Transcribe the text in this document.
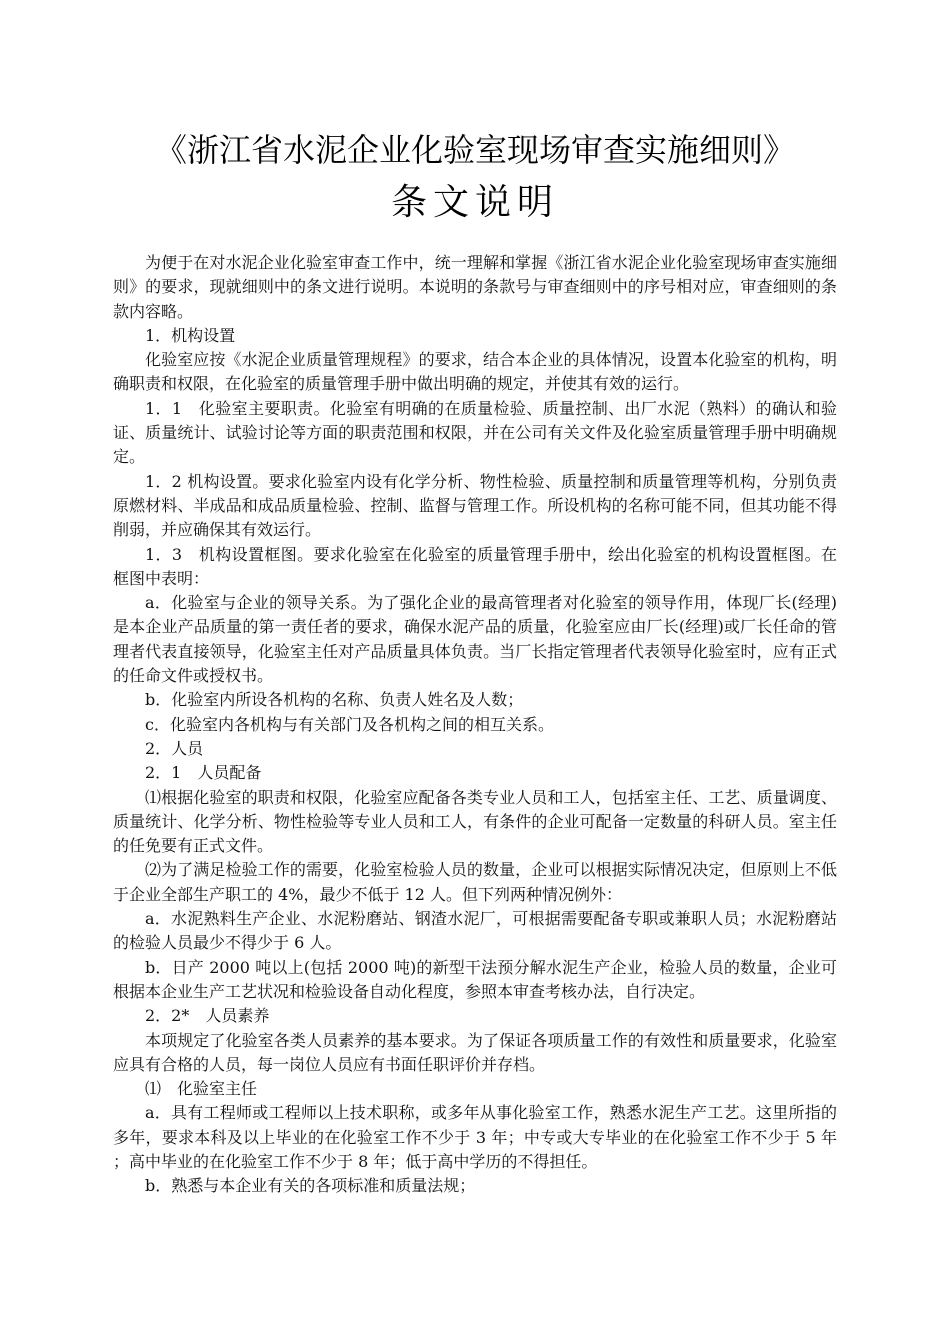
《浙江省水泥企业化验室现场审查实施细则》
条文说明

为便于在对水泥企业化验室审查工作中，统一理解和掌握《浙江省水泥企业化验室现场审查实施细则》的要求，现就细则中的条文进行说明。本说明的条款号与审查细则中的序号相对应，审查细则的条款内容略。

1．机构设置

化验室应按《水泥企业质量管理规程》的要求，结合本企业的具体情况，设置本化验室的机构，明确职责和权限，在化验室的质量管理手册中做出明确的规定，并使其有效的运行。

1．1　化验室主要职责。化验室有明确的在质量检验、质量控制、出厂水泥（熟料）的确认和验证、质量统计、试验讨论等方面的职责范围和权限，并在公司有关文件及化验室质量管理手册中明确规定。

1．2 机构设置。要求化验室内设有化学分析、物性检验、质量控制和质量管理等机构，分别负责原燃材料、半成品和成品质量检验、控制、监督与管理工作。所设机构的名称可能不同，但其功能不得削弱，并应确保其有效运行。

1．3　机构设置框图。要求化验室在化验室的质量管理手册中，绘出化验室的机构设置框图。在框图中表明：

a．化验室与企业的领导关系。为了强化企业的最高管理者对化验室的领导作用，体现厂长(经理)是本企业产品质量的第一责任者的要求，确保水泥产品的质量，化验室应由厂长(经理)或厂长任命的管理者代表直接领导，化验室主任对产品质量具体负责。当厂长指定管理者代表领导化验室时，应有正式的任命文件或授权书。

b．化验室内所设各机构的名称、负责人姓名及人数；

c．化验室内各机构与有关部门及各机构之间的相互关系。

2．人员

2．1　人员配备

⑴根据化验室的职责和权限，化验室应配备各类专业人员和工人，包括室主任、工艺、质量调度、质量统计、化学分析、物性检验等专业人员和工人，有条件的企业可配备一定数量的科研人员。室主任的任免要有正式文件。

⑵为了满足检验工作的需要，化验室检验人员的数量，企业可以根据实际情况决定，但原则上不低于企业全部生产职工的 4%，最少不低于 12 人。但下列两种情况例外：

a．水泥熟料生产企业、水泥粉磨站、钢渣水泥厂，可根据需要配备专职或兼职人员；水泥粉磨站的检验人员最少不得少于 6 人。

b．日产 2000 吨以上(包括 2000 吨)的新型干法预分解水泥生产企业，检验人员的数量，企业可根据本企业生产工艺状况和检验设备自动化程度，参照本审查考核办法，自行决定。

2．2*　人员素养

本项规定了化验室各类人员素养的基本要求。为了保证各项质量工作的有效性和质量要求，化验室应具有合格的人员，每一岗位人员应有书面任职评价并存档。

⑴　化验室主任

a．具有工程师或工程师以上技术职称，或多年从事化验室工作，熟悉水泥生产工艺。这里所指的多年，要求本科及以上毕业的在化验室工作不少于 3 年；中专或大专毕业的在化验室工作不少于 5 年 ；高中毕业的在化验室工作不少于 8 年；低于高中学历的不得担任。

b．熟悉与本企业有关的各项标准和质量法规；
